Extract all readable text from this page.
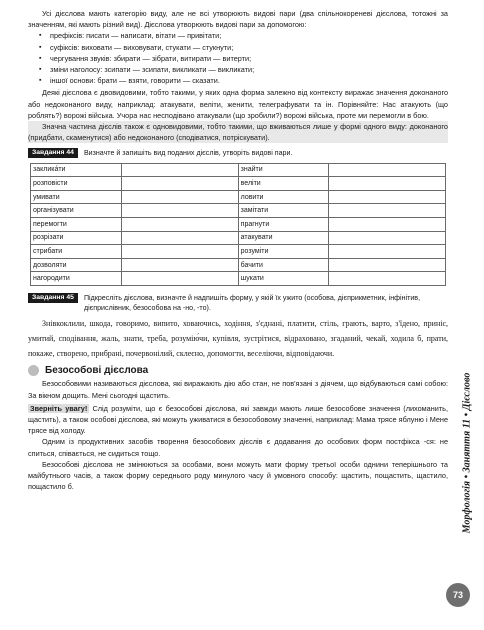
Усі дієслова мають категорію виду, але не всі утворюють видові пари (два спільнокореневі дієслова, тотожні за значенням, які мають різний вид). Дієслова утворюють видові пари за допомогою:

▪ префіксів: писати — написати, вітати — привітати;

▪ суфіксів: виховати — виховувати, стукати — стукнути;

▪ чергування звуків: збирати — зібрати, витирати — витерти;

▪ зміни наголосу: зсипати — зсипати, викликати — викликати;

▪ іншої основи: брати — взяти, говорити — сказати.

Деякі дієслова є двовидовими, тобто такими, у яких одна форма залежно від контексту виражає значення доконаного або недоконаного виду, наприклад: атакувати, веліти, женити, телеграфувати та ін. Порівняйте: Нас атакують (що роблять?) ворожі війська. Учора нас несподівано атакували (що зробили?) ворожі війська, проте ми перемогли в бою.

Значна частина дієслів також є одновидовими, тобто такими, що вживаються лише у формі одного виду: доконаного (придбати, скаменутися) або недоконаного (сподіватися, потріскувати).

Завдання 44	Визначте й запишіть вид поданих дієслів, утворіть видові пари.
заклика́ти		знайти	
розповісти		веліти	
умивати		ловити	
організувати		замітати	
перемогти		прагнути	
розрізати		атакувати	
стрибати		розуміти	
дозволяти		бачити	
нагородити		шукати	
Завдання 45	Підкресліть дієслова, визначте й надпишіть форму, у якій їх ужито (особова, дієприкметник, інфінітив, дієприслівник, безособова на -но, -то).

Знівкоклили, шкода, говоримо, випито, ховаючись, ходіння, з'єднані, платити, стіль, грають, варто, з'їдено, приніс, умитий, сподівання, жаль, знати, треба, розумію́чи, купівля, зустрітися, відраховано, згаданий, чекай, ходила б, прати, покаже, створено, прибрані, почервонілий, склеєно, допомогти, веселіючи, відповідаючи.

Безособові дієслова

Безособовими називаються дієслова, які виражають дію або стан, не пов'язані з діячем, що відбуваються самі собою: За вікном дощить. Мені сьогодні щастить.

Зверніть увагу! Слід розуміти, що є безособові дієслова, які завжди мають лише безособове значення (лихоманить, щастить), а також особові дієслова, які можуть уживатися в безособовому значенні, наприклад: Мама трясе яблуню і Мене трясе від холоду.

Одним із продуктивних засобів творення безособових дієслів є додавання до особових форм постфікса -ся: не спиться, співається, не сидиться тощо.

Безособові дієслова не змінюються за особами, вони можуть мати форму третьої особи однини теперішнього та майбутнього часів, а також форму середнього роду минулого часу й умовного способу: щастить, пощастить, щастило, пощастило б.	Морфологія • Заняття 11 • Дієслово
73
